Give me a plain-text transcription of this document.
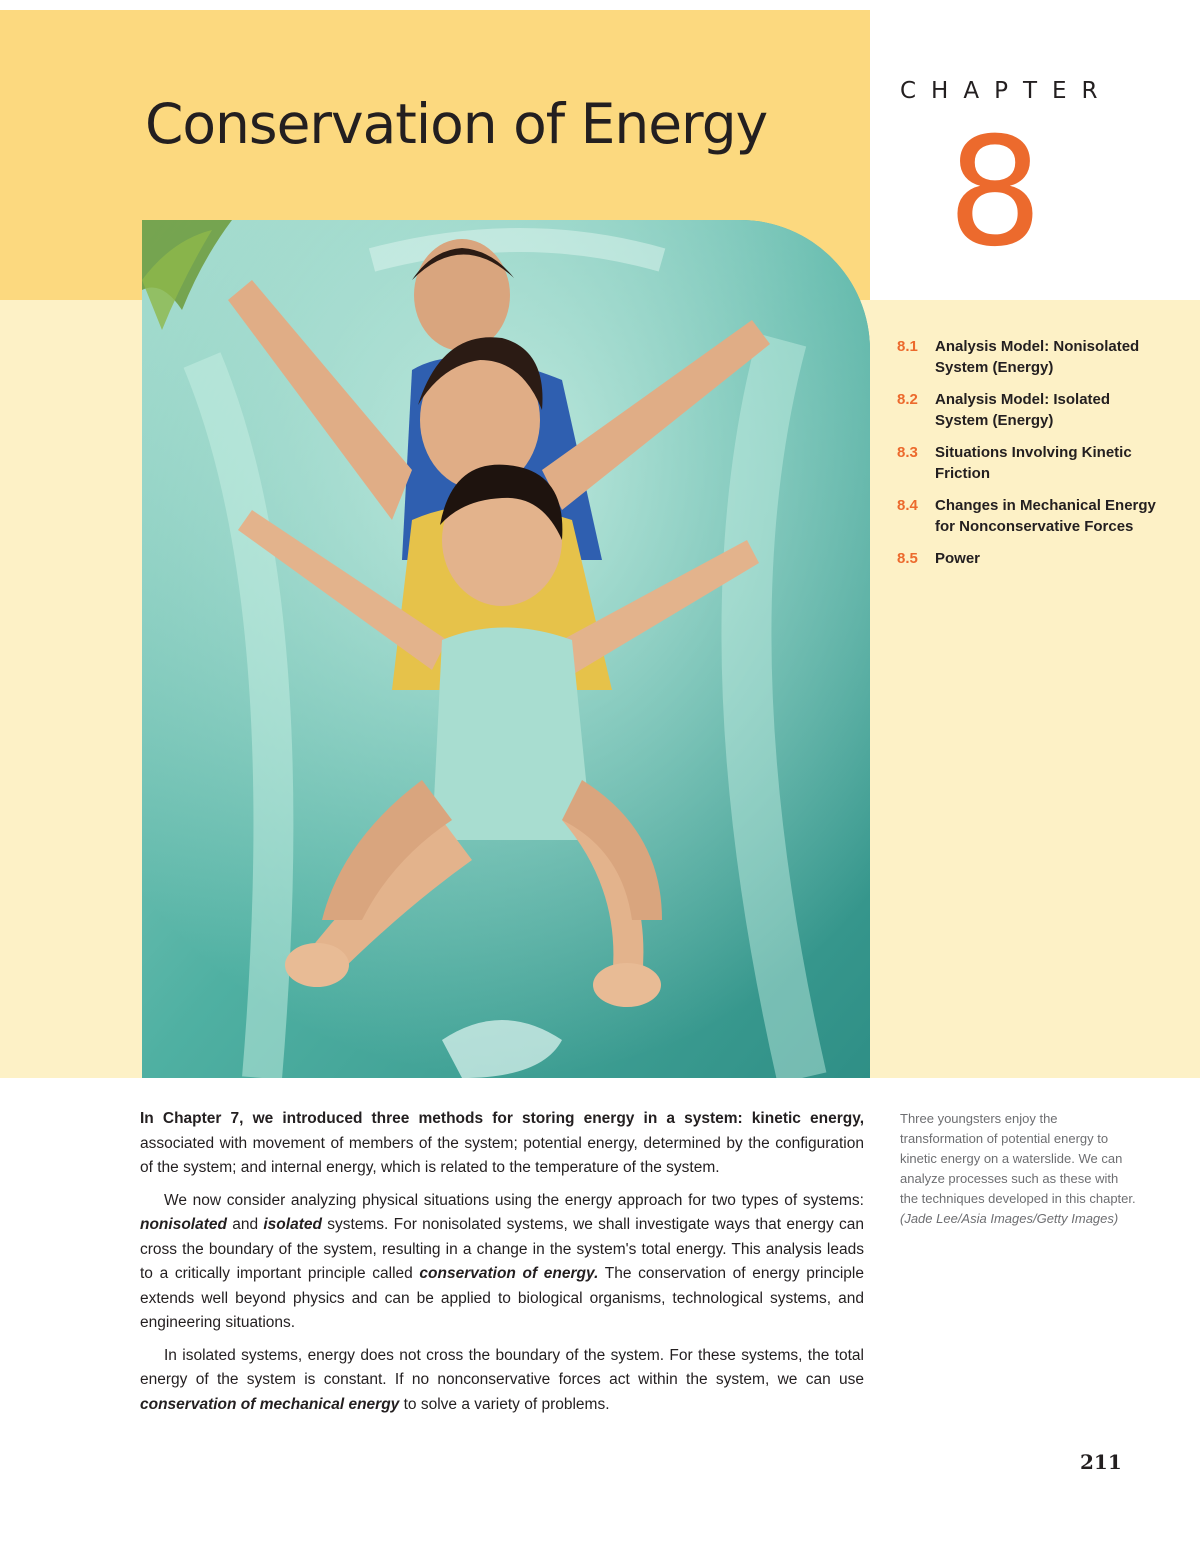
Conservation of Energy
CHAPTER
8
8.1	Analysis Model: Nonisolated System (Energy)
8.2	Analysis Model: Isolated System (Energy)
8.3	Situations Involving Kinetic Friction
8.4	Changes in Mechanical Energy for Nonconservative Forces
8.5	Power

In Chapter 7, we introduced three methods for storing energy in a system: kinetic energy, associated with movement of members of the system; potential energy, determined by the configuration of the system; and internal energy, which is related to the temperature of the system.

We now consider analyzing physical situations using the energy approach for two types of systems: nonisolated and isolated systems. For nonisolated systems, we shall investigate ways that energy can cross the boundary of the system, resulting in a change in the system's total energy. This analysis leads to a critically important principle called conservation of energy. The conservation of energy principle extends well beyond physics and can be applied to biological organisms, technological systems, and engineering situations.

In isolated systems, energy does not cross the boundary of the system. For these systems, the total energy of the system is constant. If no nonconservative forces act within the system, we can use conservation of mechanical energy to solve a variety of problems.

Three youngsters enjoy the transformation of potential energy to kinetic energy on a waterslide. We can analyze processes such as these with the techniques developed in this chapter.
(Jade Lee/Asia Images/Getty Images)
211
